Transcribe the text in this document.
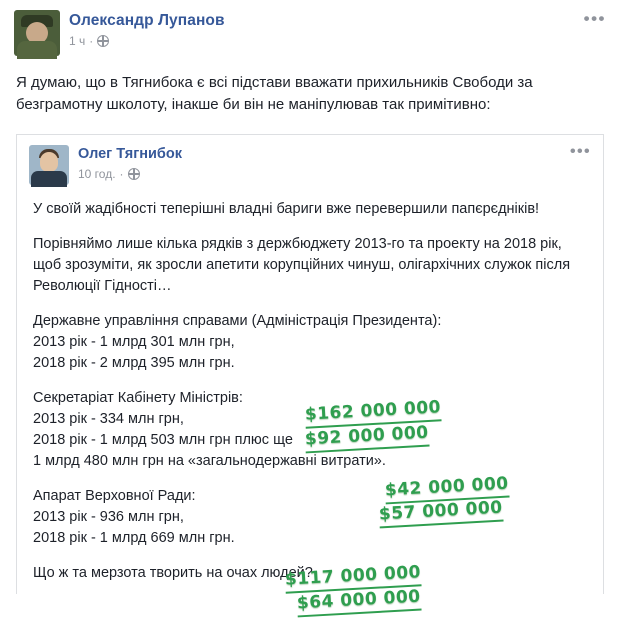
Олександр Лупанов
1 ч ·
•••
Я думаю, що в Тягнибока є всі підстави вважати прихильників Свободи за безграмотну школоту, інакше би він не маніпулював так примітивно:
Олег Тягнибок
10 год. ·
•••

У своїй жадібності теперішні владні бариги вже перевершили папєрєдніків!

Порівняймо лише кілька рядків з держбюджету 2013-го та проекту на 2018 рік, щоб зрозуміти, як зросли апетити корупційних чинуш, олігархічних служок після Революції Гідності…

Державне управління справами (Адміністрація Президента):
2013 рік - 1 млрд 301 млн грн,
2018 рік - 2 млрд 395 млн грн.
Секретаріат Кабінету Міністрів:
2013 рік - 334 млн грн,
2018 рік - 1 млрд 503 млн грн плюс ще
1 млрд 480 млн грн на «загальнодержавні витрати».
Апарат Верховної Ради:
2013 рік - 936 млн грн,
2018 рік - 1 млрд 669 млн грн.
Що ж та мерзота творить на очах людей?
$162 000 000
$92 000 000
$42 000 000
$57 000 000
$117 000 000
$64 000 000
